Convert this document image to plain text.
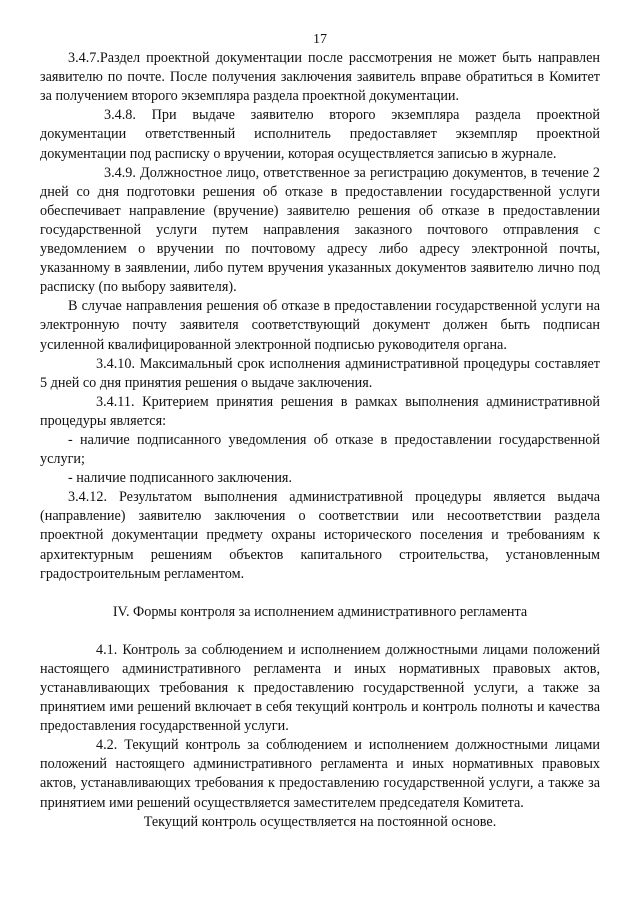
17

3.4.7.Раздел проектной документации после рассмотрения не может быть направлен заявителю по почте. После получения заключения заявитель вправе обратиться в Комитет за получением второго экземпляра раздела проектной документации.

3.4.8. При выдаче заявителю второго экземпляра раздела проектной документации ответственный исполнитель предоставляет экземпляр проектной документации под расписку о вручении, которая осуществляется записью в журнале.

3.4.9. Должностное лицо, ответственное за регистрацию документов, в течение 2 дней со дня подготовки решения об отказе в предоставлении государственной услуги обеспечивает направление (вручение) заявителю решения об отказе в предоставлении государственной услуги путем направления заказного почтового отправления с уведомлением о вручении по почтовому адресу либо адресу электронной почты, указанному в заявлении, либо путем вручения указанных документов заявителю лично под расписку (по выбору заявителя).

В случае направления решения об отказе в предоставлении государственной услуги на электронную почту заявителя соответствующий документ должен быть подписан усиленной квалифицированной электронной подписью руководителя органа.

3.4.10. Максимальный срок исполнения административной процедуры составляет 5 дней со дня принятия решения о выдаче заключения.

3.4.11. Критерием принятия решения в рамках выполнения административной процедуры является:

- наличие подписанного уведомления об отказе в предоставлении государственной услуги;

- наличие подписанного заключения.

3.4.12. Результатом выполнения административной процедуры является выдача (направление) заявителю заключения о соответствии или несоответствии раздела проектной документации предмету охраны исторического поселения и требованиям к архитектурным решениям объектов капитального строительства, установленным градостроительным регламентом.

IV. Формы контроля за исполнением административного регламента

4.1. Контроль за соблюдением и исполнением должностными лицами положений настоящего административного регламента и иных нормативных правовых актов, устанавливающих требования к предоставлению государственной услуги, а также за принятием ими решений включает в себя текущий контроль и контроль полноты и качества предоставления государственной услуги.

4.2. Текущий контроль за соблюдением и исполнением должностными лицами положений настоящего административного регламента и иных нормативных правовых актов, устанавливающих требования к предоставлению государственной услуги, а также за принятием ими решений осуществляется заместителем председателя Комитета.

Текущий контроль осуществляется на постоянной основе.
